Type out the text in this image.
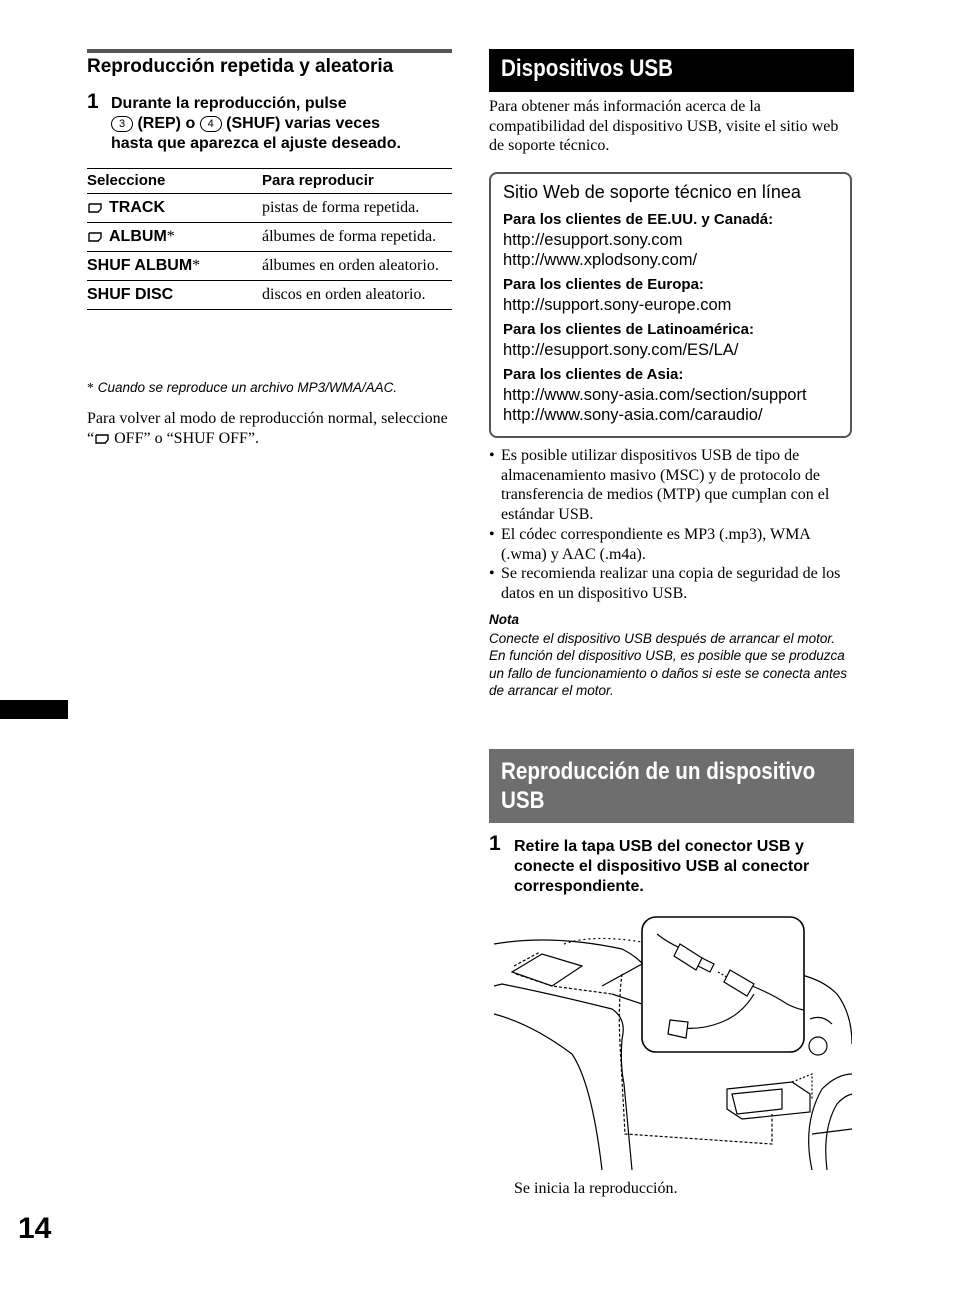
Reproducción repetida y aleatoria
1 Durante la reproducción, pulse
3 (REP) o 4 (SHUF) varias veces
hasta que aparezca el ajuste deseado.
Seleccione	Para reproducir
TRACK	pistas de forma repetida.
ALBUM*	álbumes de forma repetida.
SHUF ALBUM*	álbumes en orden aleatorio.
SHUF DISC	discos en orden aleatorio.
* Cuando se reproduce un archivo MP3/WMA/AAC.
Para volver al modo de reproducción normal, seleccione “ OFF” o “SHUF OFF”.
14
Dispositivos USB
Para obtener más información acerca de la compatibilidad del dispositivo USB, visite el sitio web de soporte técnico.
Sitio Web de soporte técnico en línea
Para los clientes de EE.UU. y Canadá:
http://esupport.sony.com
http://www.xplodsony.com/
Para los clientes de Europa:
http://support.sony-europe.com
Para los clientes de Latinoamérica:
http://esupport.sony.com/ES/LA/
Para los clientes de Asia:
http://www.sony-asia.com/section/support
http://www.sony-asia.com/caraudio/
• Es posible utilizar dispositivos USB de tipo de almacenamiento masivo (MSC) y de protocolo de transferencia de medios (MTP) que cumplan con el estándar USB.
• El códec correspondiente es MP3 (.mp3), WMA (.wma) y AAC (.m4a).
• Se recomienda realizar una copia de seguridad de los datos en un dispositivo USB.
Nota
Conecte el dispositivo USB después de arrancar el motor.
En función del dispositivo USB, es posible que se produzca un fallo de funcionamiento o daños si este se conecta antes de arrancar el motor.
Reproducción de un dispositivo USB
1 Retire la tapa USB del conector USB y conecte el dispositivo USB al conector correspondiente.
Se inicia la reproducción.
